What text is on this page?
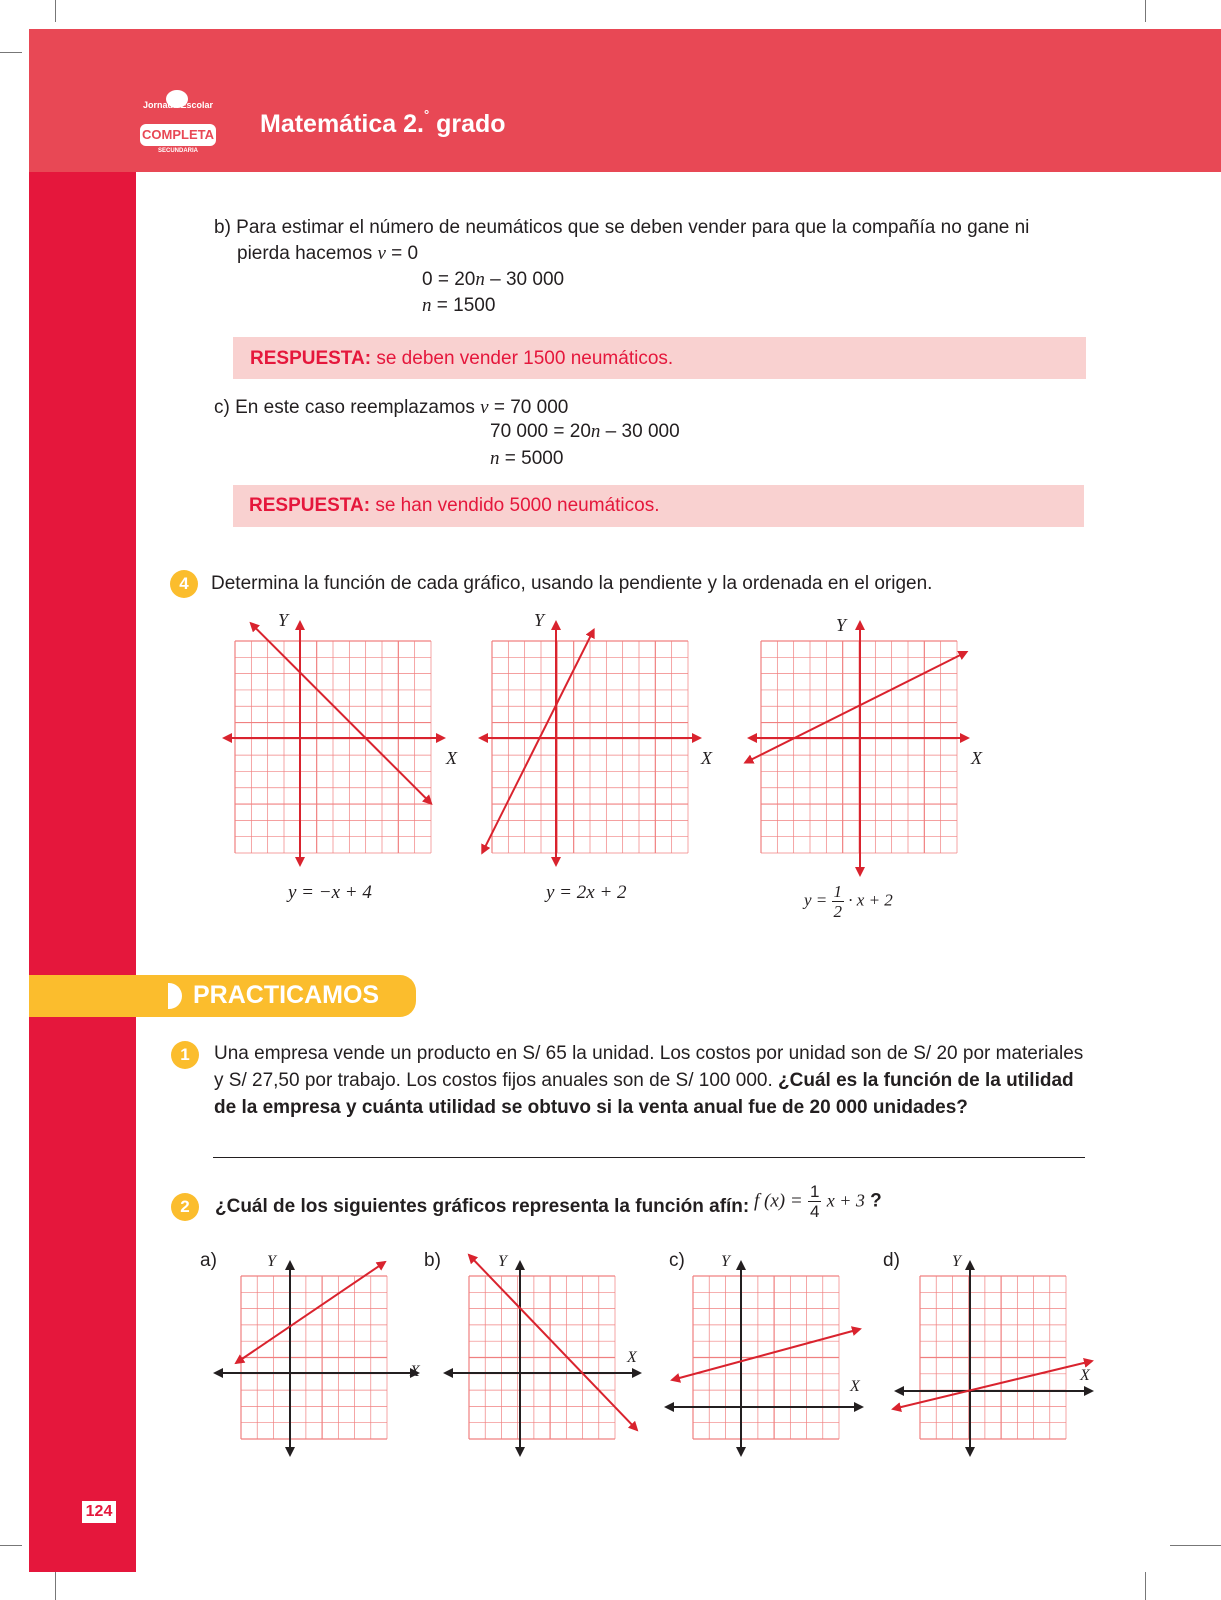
Jornada Escolar
COMPLETA
SECUNDARIA
Matemática 2.° grado
b) Para estimar el número de neumáticos que se deben vender para que la compañía no gane ni
pierda hacemos v = 0
0 = 20n – 30 000
n = 1500
RESPUESTA: se deben vender 1500 neumáticos.
c) En este caso reemplazamos v = 70 000
70 000 = 20n – 30 000
n = 5000
RESPUESTA: se han vendido 5000 neumáticos.
4	Determina la función de cada gráfico, usando la pendiente y la ordenada en el origen.
Y
X
Y
X
Y
X
y = −x + 4	y = 2x + 2	$y = \frac{1}{2} \cdot x + 2$
PRACTICAMOS
1	Una empresa vende un producto en S/ 65 la unidad. Los costos por unidad son de S/ 20 por materiales
y S/ 27,50 por trabajo. Los costos fijos anuales son de S/ 100 000. ¿Cuál es la función de la utilidad
de la empresa y cuánta utilidad se obtuvo si la venta anual fue de 20 000 unidades?
2	¿Cuál de los siguientes gráficos representa la función afín: f $(x) = \frac{1}{4}$ x + 3 ?
a)	b)	c)	d)
Y
X
Y
X
Y
X
Y
X
124
